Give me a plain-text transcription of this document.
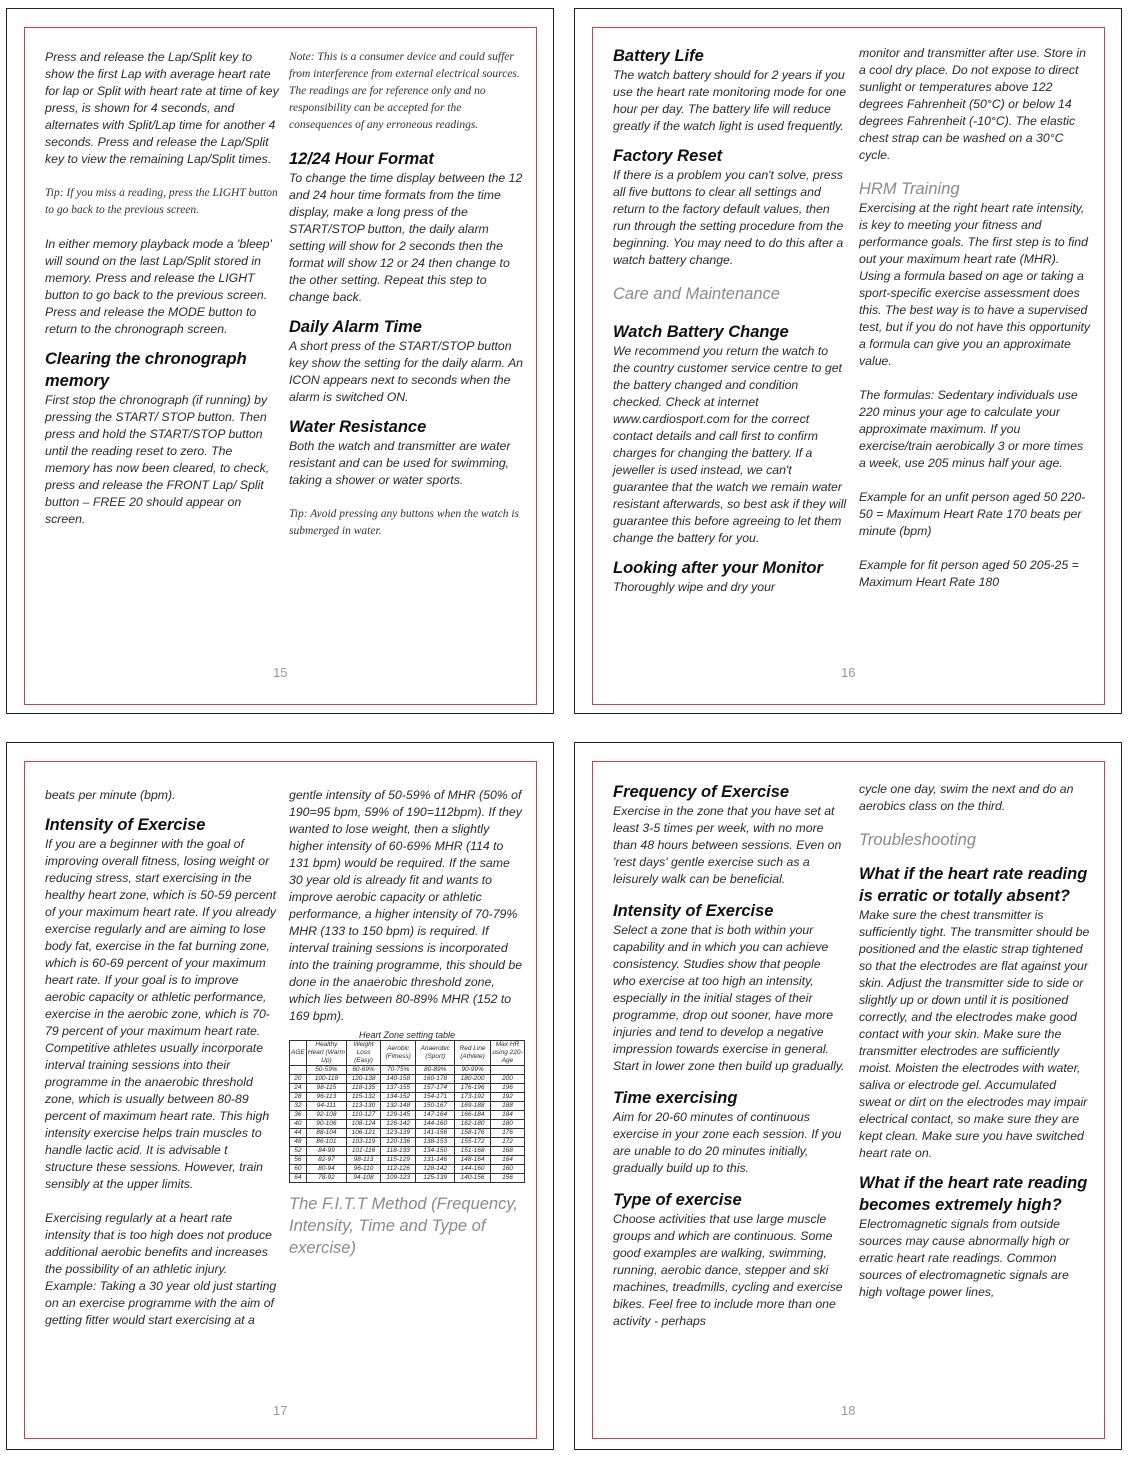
Press and release the Lap/Split key to show the first Lap with average heart rate for lap or Split with heart rate at time of key press, is shown for 4 seconds, and alternates with Split/Lap time for another 4 seconds. Press and release the Lap/Split key to view the remaining Lap/Split times.

Tip: If you miss a reading, press the LIGHT button to go back to the previous screen.

In either memory playback mode a 'bleep' will sound on the last Lap/Split stored in memory. Press and release the LIGHT button to go back to the previous screen. Press and release the MODE button to return to the chronograph screen.

Clearing the chronograph memory

First stop the chronograph (if running) by pressing the START/ STOP button. Then press and hold the START/STOP button until the reading reset to zero. The memory has now been cleared, to check, press and release the FRONT Lap/ Split button – FREE 20 should appear on screen.

Note: This is a consumer device and could suffer from interference from external electrical sources. The readings are for reference only and no responsibility can be accepted for the consequences of any erroneous readings.

12/24 Hour Format

To change the time display between the 12 and 24 hour time formats from the time display, make a long press of the START/STOP button, the daily alarm setting will show for 2 seconds then the format will show 12 or 24 then change to the other setting. Repeat this step to change back.

Daily Alarm Time

A short press of the START/STOP button key show the setting for the daily alarm. An ICON appears next to seconds when the alarm is switched ON.

Water Resistance

Both the watch and transmitter are water resistant and can be used for swimming, taking a shower or water sports.

Tip: Avoid pressing any buttons when the watch is submerged in water.

15
Battery Life

The watch battery should for 2 years if you use the heart rate monitoring mode for one hour per day. The battery life will reduce greatly if the watch light is used frequently.

Factory Reset

If there is a problem you can't solve, press all five buttons to clear all settings and return to the factory default values, then run through the setting procedure from the beginning. You may need to do this after a watch battery change.

Care and Maintenance
Watch Battery Change

We recommend you return the watch to the country customer service centre to get the battery changed and condition checked. Check at internet www.cardiosport.com for the correct contact details and call first to confirm charges for changing the battery. If a jeweller is used instead, we can't guarantee that the watch we remain water resistant afterwards, so best ask if they will guarantee this before agreeing to let them change the battery for you.

Looking after your Monitor

Thoroughly wipe and dry your

monitor and transmitter after use. Store in a cool dry place. Do not expose to direct sunlight or temperatures above 122 degrees Fahrenheit (50°C) or below 14 degrees Fahrenheit (-10°C). The elastic chest strap can be washed on a 30°C cycle.

HRM Training

Exercising at the right heart rate intensity, is key to meeting your fitness and performance goals. The first step is to find out your maximum heart rate (MHR). Using a formula based on age or taking a sport-specific exercise assessment does this. The best way is to have a supervised test, but if you do not have this opportunity a formula can give you an approximate value.

The formulas: Sedentary individuals use 220 minus your age to calculate your approximate maximum. If you exercise/train aerobically 3 or more times a week, use 205 minus half your age.

Example for an unfit person aged 50 220-50 = Maximum Heart Rate 170 beats per minute (bpm)

Example for fit person aged 50 205-25 = Maximum Heart Rate 180

16

beats per minute (bpm).

Intensity of Exercise

If you are a beginner with the goal of improving overall fitness, losing weight or reducing stress, start exercising in the healthy heart zone, which is 50-59 percent of your maximum heart rate. If you already exercise regularly and are aiming to lose body fat, exercise in the fat burning zone, which is 60-69 percent of your maximum heart rate. If your goal is to improve aerobic capacity or athletic performance, exercise in the aerobic zone, which is 70-79 percent of your maximum heart rate. Competitive athletes usually incorporate interval training sessions into their programme in the anaerobic threshold zone, which is usually between 80-89 percent of maximum heart rate. This high intensity exercise helps train muscles to handle lactic acid. It is advisable t structure these sessions. However, train sensibly at the upper limits.

Exercising regularly at a heart rate intensity that is too high does not produce additional aerobic benefits and increases the possibility of an athletic injury. Example: Taking a 30 year old just starting on an exercise programme with the aim of getting fitter would start exercising at a

gentle intensity of 50-59% of MHR (50% of 190=95 bpm, 59% of 190=112bpm). If they wanted to lose weight, then a slightly higher intensity of 60-69% MHR (114 to 131 bpm) would be required. If the same 30 year old is already fit and wants to improve aerobic capacity or athletic performance, a higher intensity of 70-79% MHR (133 to 150 bpm) is required. If interval training sessions is incorporated into the training programme, this should be done in the anaerobic threshold zone, which lies between 80-89% MHR (152 to 169 bpm).

Heart Zone setting table
AGE	Healthy Heart (Warm Up)	Weight Loss (Easy)	Aerobic (Fitness)	Anaerobic (Sport)	Red Line (Athlete)	Max HR using 220-Age
	50-59%	60-69%	70-75%	80-89%	90-99%	
20	100-118	120-138	140-158	160-178	180-200	200
24	98-115	118-135	137-155	157-174	176-196	196
28	96-113	115-132	134-152	154-171	173-192	192
32	94-111	113-130	132-148	150-167	169-188	188
36	92-108	110-127	129-145	147-164	166-184	184
40	90-106	108-124	126-142	144-160	162-180	180
44	88-104	106-121	123-139	141-156	158-176	176
48	86-101	103-119	120-136	138-153	155-172	172
52	84-99	101-116	118-133	134-150	151-168	168
56	82-97	98-113	115-129	131-146	148-164	164
60	80-94	96-110	112-126	128-142	144-160	160
64	78-92	94-108	109-123	125-139	140-156	156
The F.I.T.T Method (Frequency, Intensity, Time and Type of exercise)
17
Frequency of Exercise

Exercise in the zone that you have set at least 3-5 times per week, with no more than 48 hours between sessions. Even on 'rest days' gentle exercise such as a leisurely walk can be beneficial.

Intensity of Exercise

Select a zone that is both within your capability and in which you can achieve consistency. Studies show that people who exercise at too high an intensity, especially in the initial stages of their programme, drop out sooner, have more injuries and tend to develop a negative impression towards exercise in general. Start in lower zone then build up gradually.

Time exercising

Aim for 20-60 minutes of continuous exercise in your zone each session. If you are unable to do 20 minutes initially, gradually build up to this.

Type of exercise

Choose activities that use large muscle groups and which are continuous. Some good examples are walking, swimming, running, aerobic dance, stepper and ski machines, treadmills, cycling and exercise bikes. Feel free to include more than one activity - perhaps

cycle one day, swim the next and do an aerobics class on the third.

Troubleshooting
What if the heart rate reading is erratic or totally absent?

Make sure the chest transmitter is sufficiently tight. The transmitter should be positioned and the elastic strap tightened so that the electrodes are flat against your skin. Adjust the transmitter side to side or slightly up or down until it is positioned correctly, and the electrodes make good contact with your skin. Make sure the transmitter electrodes are sufficiently moist. Moisten the electrodes with water, saliva or electrode gel. Accumulated sweat or dirt on the electrodes may impair electrical contact, so make sure they are kept clean. Make sure you have switched heart rate on.

What if the heart rate reading becomes extremely high?

Electromagnetic signals from outside sources may cause abnormally high or erratic heart rate readings. Common sources of electromagnetic signals are high voltage power lines,

18
